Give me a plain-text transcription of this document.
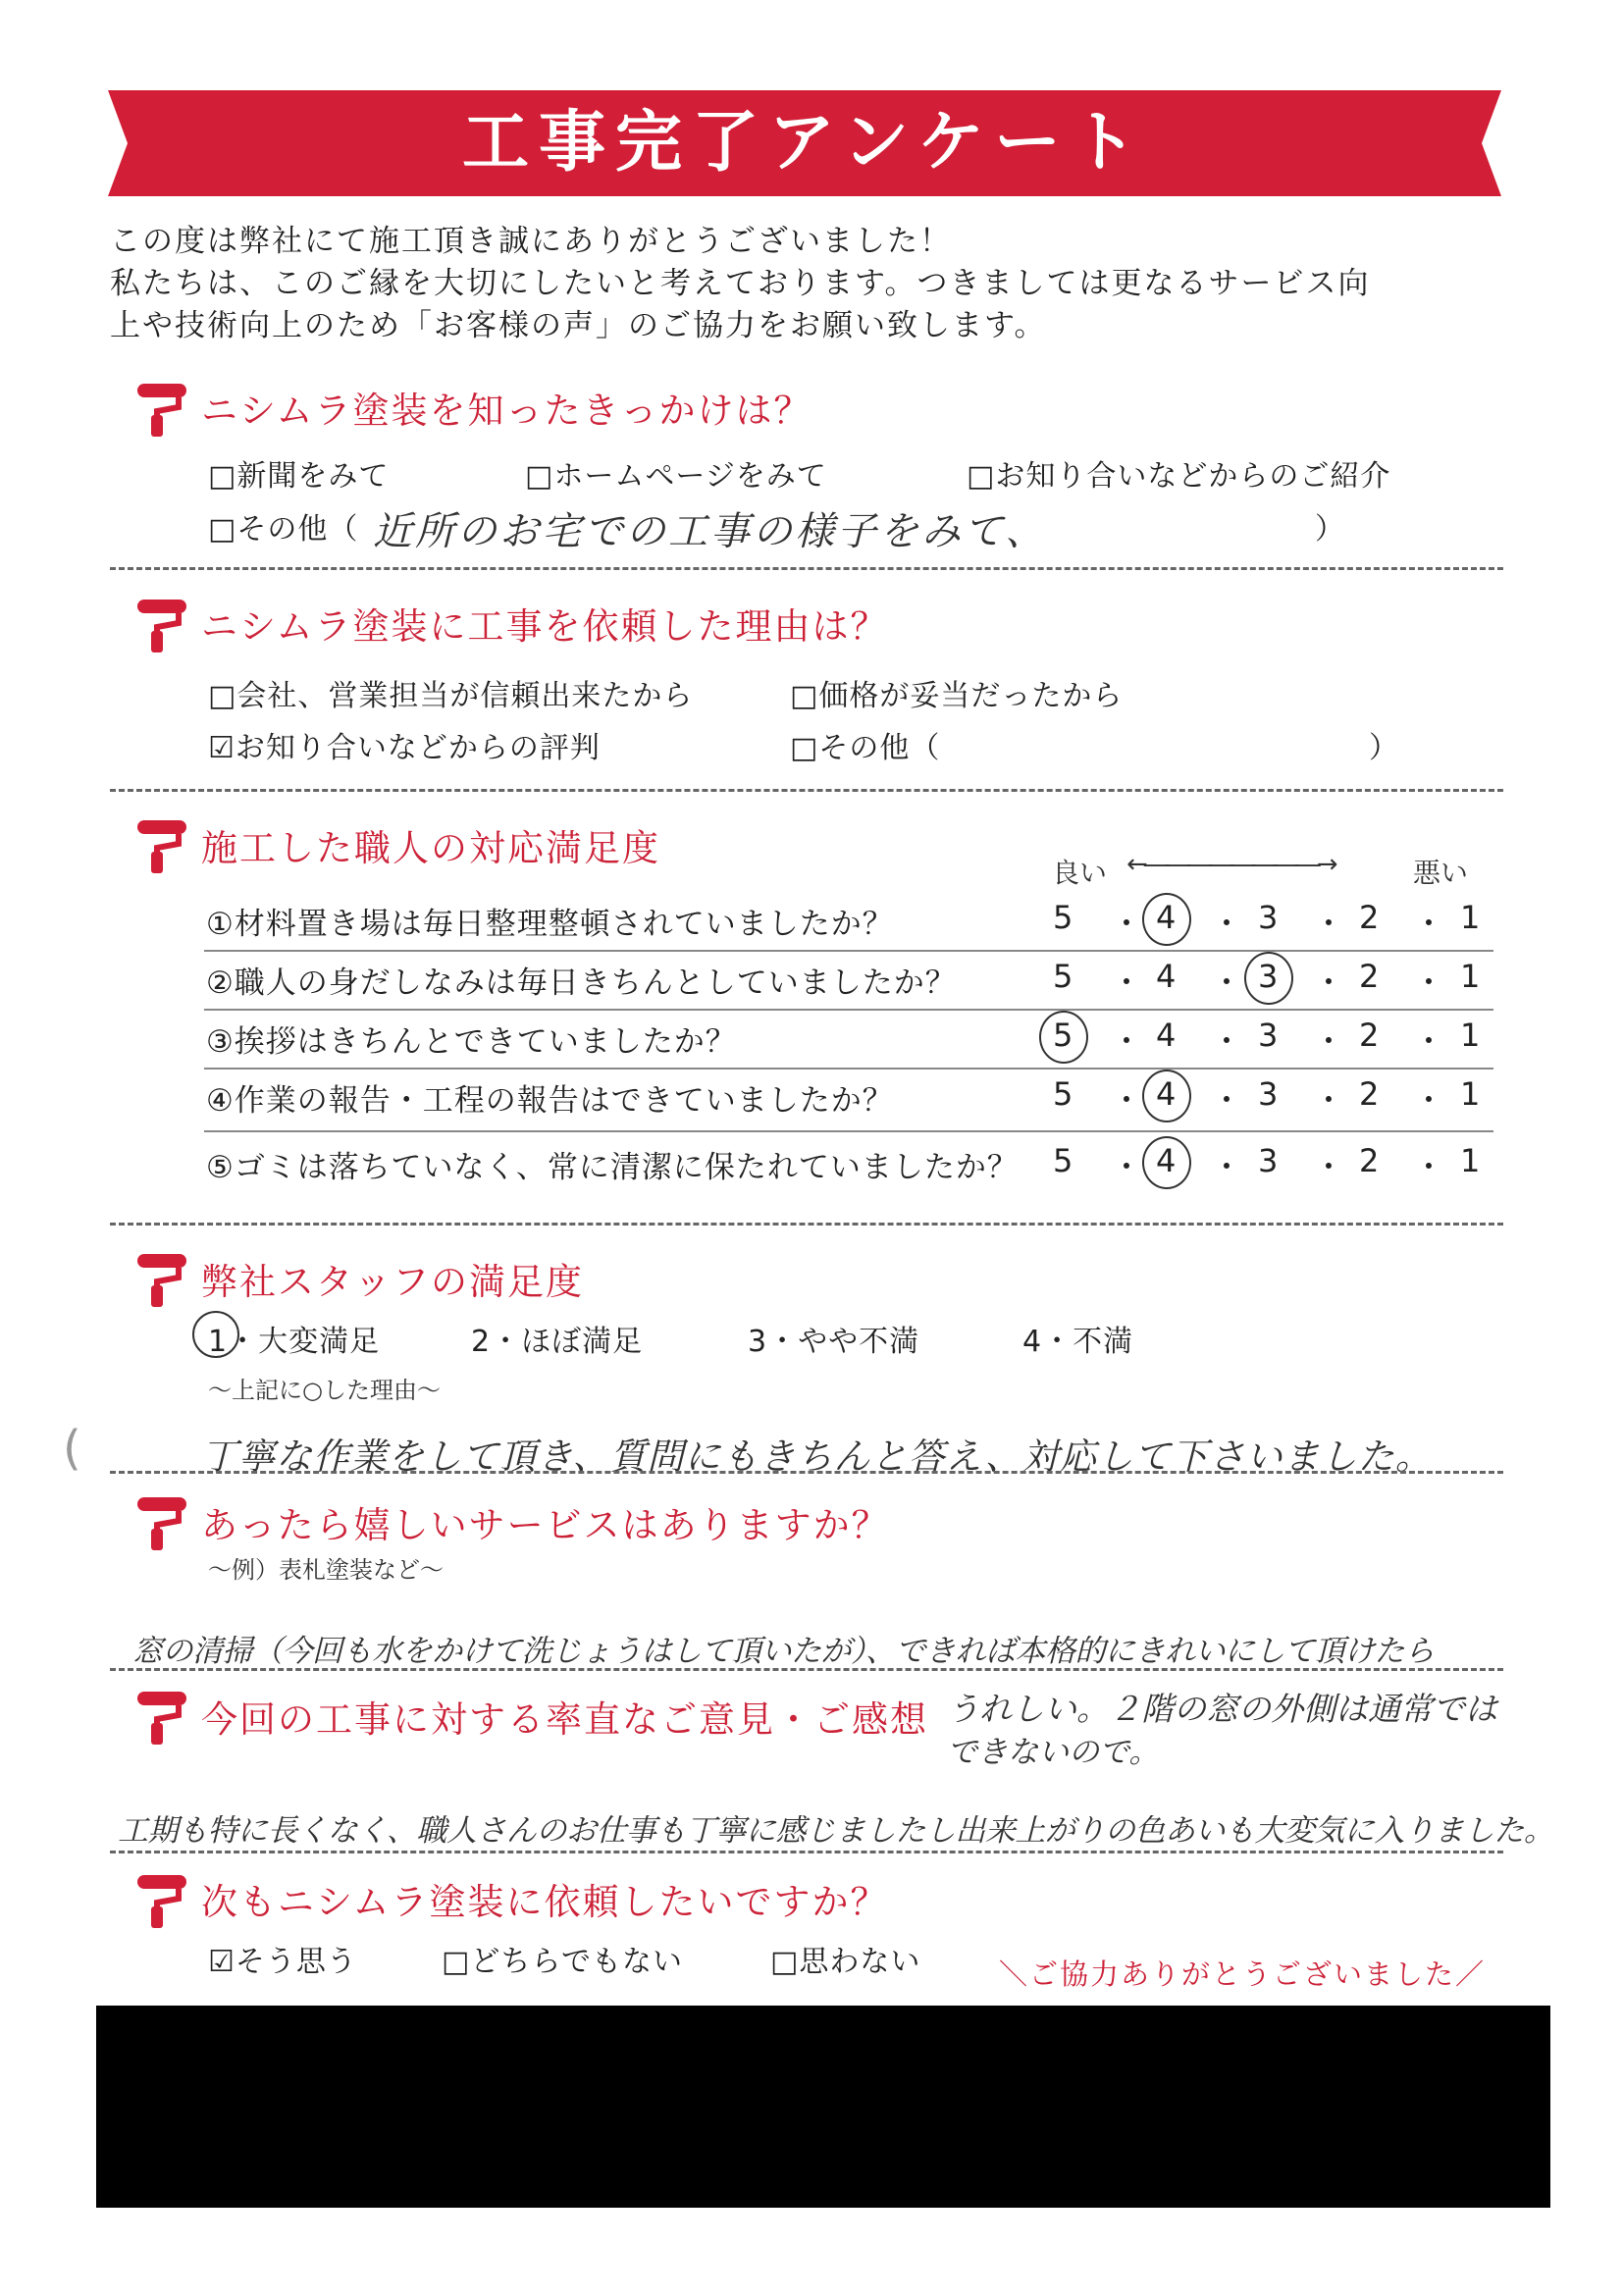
工事完了アンケート
この度は弊社にて施工頂き誠にありがとうございました！
私たちは、このご縁を大切にしたいと考えております。つきましては更なるサービス向
上や技術向上のため「お客様の声」のご協力をお願い致します。
ニシムラ塗装を知ったきっかけは？
□新聞をみて	□ホームページをみて	□お知り合いなどからのご紹介
□その他（ 近所のお宅での工事の様子をみて、	）
ニシムラ塗装に工事を依頼した理由は？
□会社、営業担当が信頼出来たから	□価格が妥当だったから
☑お知り合いなどからの評判	□その他（	）
施工した職人の対応満足度
良い ←――――――――→	悪い
①材料置き場は毎日整理整頓されていましたか？	5 ・ 4 ・ 3 ・ 2 ・ 1
②職人の身だしなみは毎日きちんとしていましたか？	5 ・ 4 ・ 3 ・ 2 ・ 1
③挨拶はきちんとできていましたか？	5 ・ 4 ・ 3 ・ 2 ・ 1
④作業の報告・工程の報告はできていましたか？	5 ・ 4 ・ 3 ・ 2 ・ 1
⑤ゴミは落ちていなく、常に清潔に保たれていましたか？ 5 ・ 4 ・ 3 ・ 2 ・ 1
弊社スタッフの満足度
1・大変満足	2・ほぼ満足	3・やや不満	4・不満
〜上記に○した理由〜
丁寧な作業をして頂き、質問にもきちんと答え、対応して下さいました。
(
あったら嬉しいサービスはありますか？
〜例）表札塗装など〜
窓の清掃（今回も水をかけて洗じょうはして頂いたが）、できれば本格的にきれいにして頂けたら
今回の工事に対する率直なご意見・ご感想 うれしい。２階の窓の外側は通常では
できないので。
工期も特に長くなく、職人さんのお仕事も丁寧に感じましたし出来上がりの色あいも大変気に入りました。
次もニシムラ塗装に依頼したいですか？
☑そう思う	□どちらでもない	□思わない	＼ご協力ありがとうございました／
